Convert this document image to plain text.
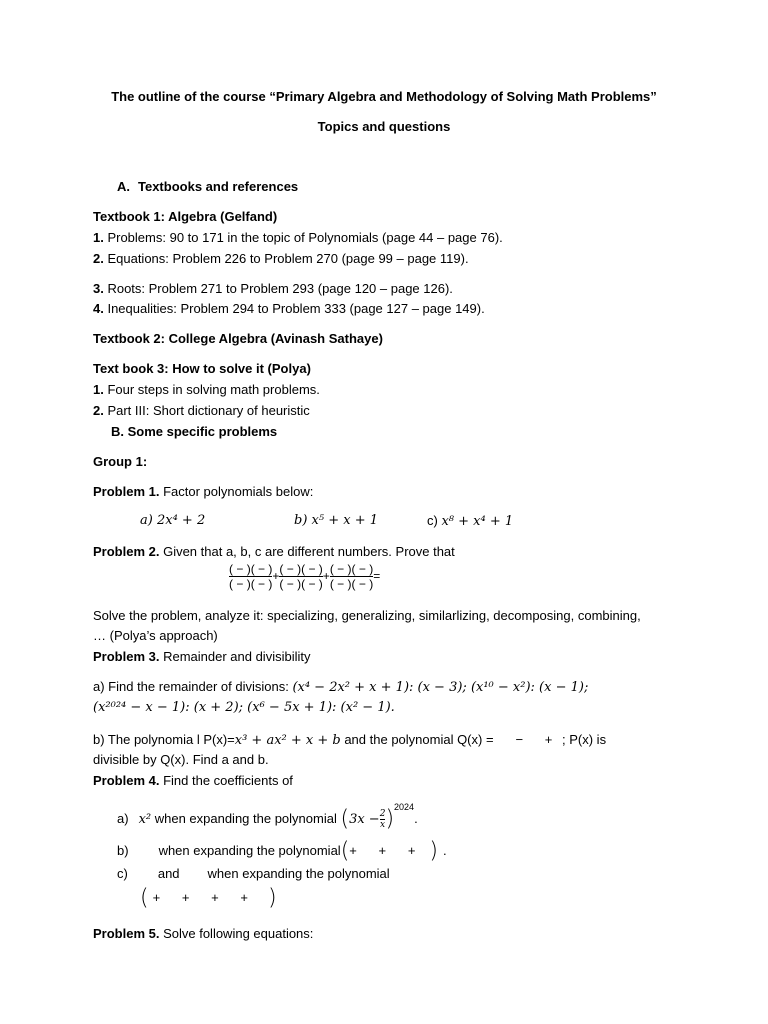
The outline of the course “Primary Algebra and Methodology of Solving Math Problems”
Topics and questions
A. Textbooks and references
Textbook 1: Algebra (Gelfand)
1. Problems: 90 to 171 in the topic of Polynomials (page 44 – page 76).
2. Equations: Problem 226 to Problem 270 (page 99 – page 119).
3. Roots: Problem 271 to Problem 293 (page 120 – page 126).
4. Inequalities: Problem 294 to Problem 333 (page 127 – page 149).
Textbook 2: College Algebra (Avinash Sathaye)
Text book 3: How to solve it (Polya)
1. Four steps in solving math problems.
2. Part III: Short dictionary of heuristic
B. Some specific problems
Group 1:
Problem 1. Factor polynomials below:
a) 2x⁴ + 2	b) x⁵ + x + 1	c) x⁸ + x⁴ + 1
Problem 2. Given that a, b, c are different numbers. Prove that
$\frac{( - )( - )}{( - )( - )} + \frac{( - )( - )}{( - )( - )} + \frac{( - )( - )}{( - )( - )}$ =
Solve the problem, analyze it: specializing, generalizing, similarlizing, decomposing, combining,
… (Polya’s approach)
Problem 3. Remainder and divisibility
a) Find the remainder of divisions: (x⁴ − 2x² + x + 1): (x − 3); (x¹⁰ − x²): (x − 1);
(x²⁰²⁴ − x − 1): (x + 2); (x⁶ − 5x + 1): (x² − 1).
b) The polynomia l P(x)=x³ + ax² + x + b and the polynomial Q(x) = −      + ; P(x) is
divisible by Q(x). Find a and b.
Problem 4. Find the coefficients of
a) x² when expanding the polynomial $(3x - \frac{2}{x} )^{2024}$.
b) when expanding the polynomial(+      +      + ) .
c) and when expanding the polynomial
( +      +      +      + )
Problem 5. Solve following equations:
